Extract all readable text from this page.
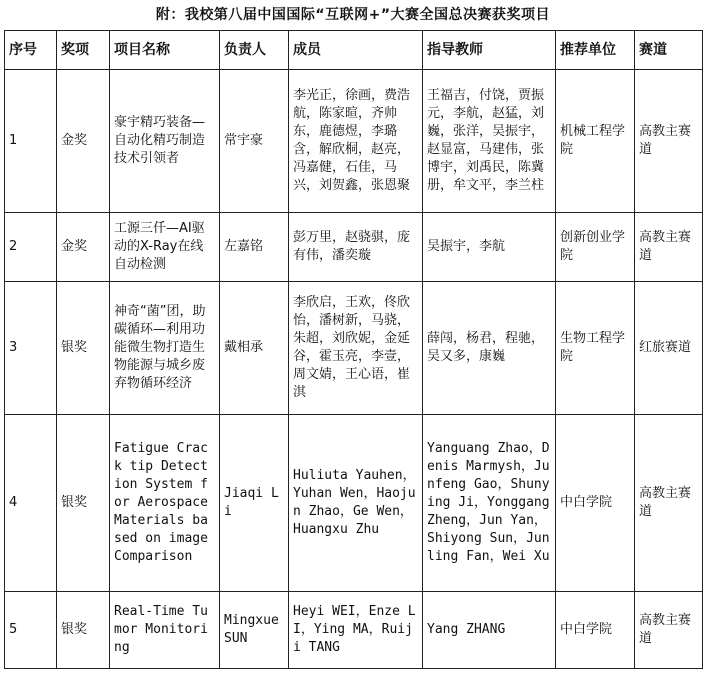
附：我校第八届中国国际“互联网+”大赛全国总决赛获奖项目
序号	奖项	项目名称	负责人	成员	指导教师	推荐单位	赛道
1	金奖	豪宇精巧装备—自动化精巧制造技术引领者	常宇豪	李光正，徐画，费浩航，陈家暄，齐帅东，鹿德煜，李璐含，解欣桐，赵亮，冯嘉健，石佳，马兴，刘贺鑫，张恩聚	王福吉，付饶，贾振元，李航，赵猛，刘巍，张洋，吴振宇，赵显富，马建伟，张博宇，刘禹民，陈冀册，牟文平，李兰柱	机械工程学院	高教主赛道
2	金奖	工源三仟—AI驱动的X-Ray在线自动检测	左嘉铭	彭万里，赵骁骐，庞有伟，潘奕璇	吴振宇，李航	创新创业学院	高教主赛道
3	银奖	神奇“菌”团，助碳循环—利用功能微生物打造生物能源与城乡废弃物循环经济	戴相承	李欣启，王欢，佟欣怡，潘树新，马骁，朱超，刘欣妮，金延谷，霍玉亮，李壹，周文婧，王心语，崔淇	薛闯，杨君，程驰，吴又多，康巍	生物工程学院	红旅赛道
4	银奖	Fatigue Crack tip Detection System for Aerospace Materials based on image Comparison	Jiaqi Li	Huliuta Yauhen，Yuhan Wen，Haojun Zhao，Ge Wen，Huangxu Zhu	Yanguang Zhao，Denis Marmysh，Junfeng Gao，Shunying Ji，Yonggang Zheng，Jun Yan，Shiyong Sun，Junling Fan，Wei Xu	中白学院	高教主赛道
5	银奖	Real-Time Tumor Monitoring	Mingxue SUN	Heyi WEI，Enze LI，Ying MA，Ruiji TANG	Yang ZHANG	中白学院	高教主赛道
